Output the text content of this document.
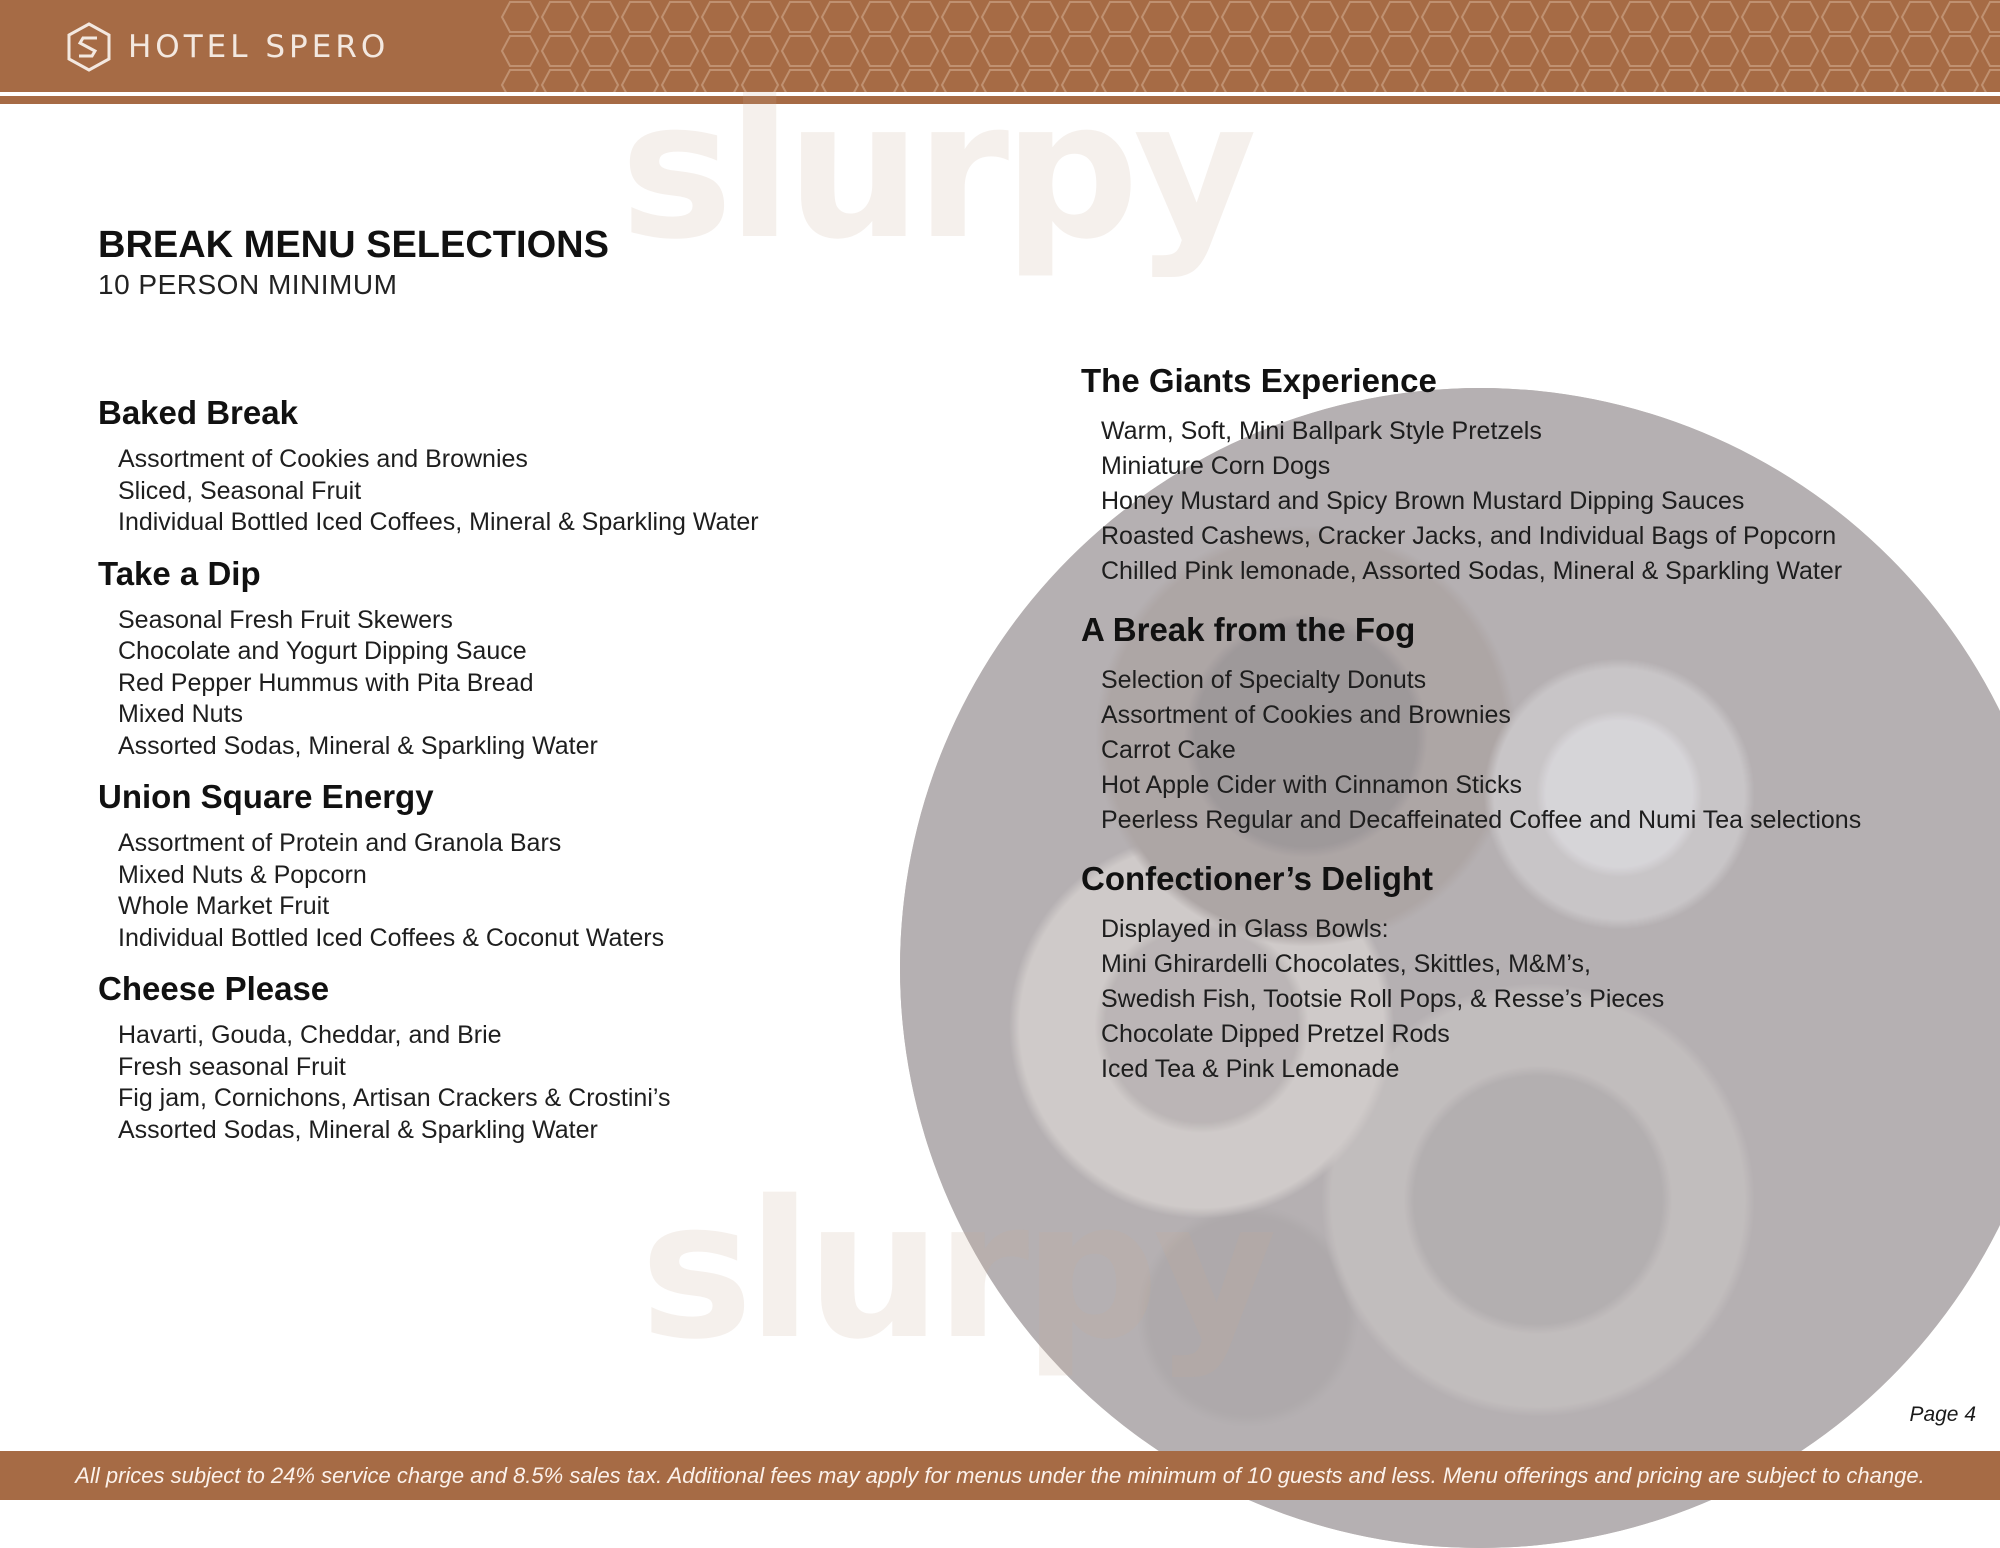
HOTEL SPERO
slurpy
slurpy
BREAK MENU SELECTIONS
10 PERSON MINIMUM
Baked Break
Assortment of Cookies and Brownies
Sliced, Seasonal Fruit
Individual Bottled Iced Coffees, Mineral & Sparkling Water
Take a Dip
Seasonal Fresh Fruit Skewers
Chocolate and Yogurt Dipping Sauce
Red Pepper Hummus with Pita Bread
Mixed Nuts
Assorted Sodas, Mineral & Sparkling Water
Union Square Energy
Assortment of Protein and Granola Bars
Mixed Nuts & Popcorn
Whole Market Fruit
Individual Bottled Iced Coffees & Coconut Waters
Cheese Please
Havarti, Gouda, Cheddar, and Brie
Fresh seasonal Fruit
Fig jam, Cornichons, Artisan Crackers & Crostini’s
Assorted Sodas, Mineral & Sparkling Water
The Giants Experience
Warm, Soft, Mini Ballpark Style Pretzels
Miniature Corn Dogs
Honey Mustard and Spicy Brown Mustard Dipping Sauces
Roasted Cashews, Cracker Jacks, and Individual Bags of Popcorn
Chilled Pink lemonade, Assorted Sodas, Mineral & Sparkling Water
A Break from the Fog
Selection of Specialty Donuts
Assortment of Cookies and Brownies
Carrot Cake
Hot Apple Cider with Cinnamon Sticks
Peerless Regular and Decaffeinated Coffee and Numi Tea selections
Confectioner’s Delight
Displayed in Glass Bowls:
Mini Ghirardelli Chocolates, Skittles, M&M’s,
Swedish Fish, Tootsie Roll Pops, & Resse’s Pieces
Chocolate Dipped Pretzel Rods
Iced Tea & Pink Lemonade
Page 4
All prices subject to 24% service charge and 8.5% sales tax. Additional fees may apply for menus under the minimum of 10 guests and less. Menu offerings and pricing are subject to change.
